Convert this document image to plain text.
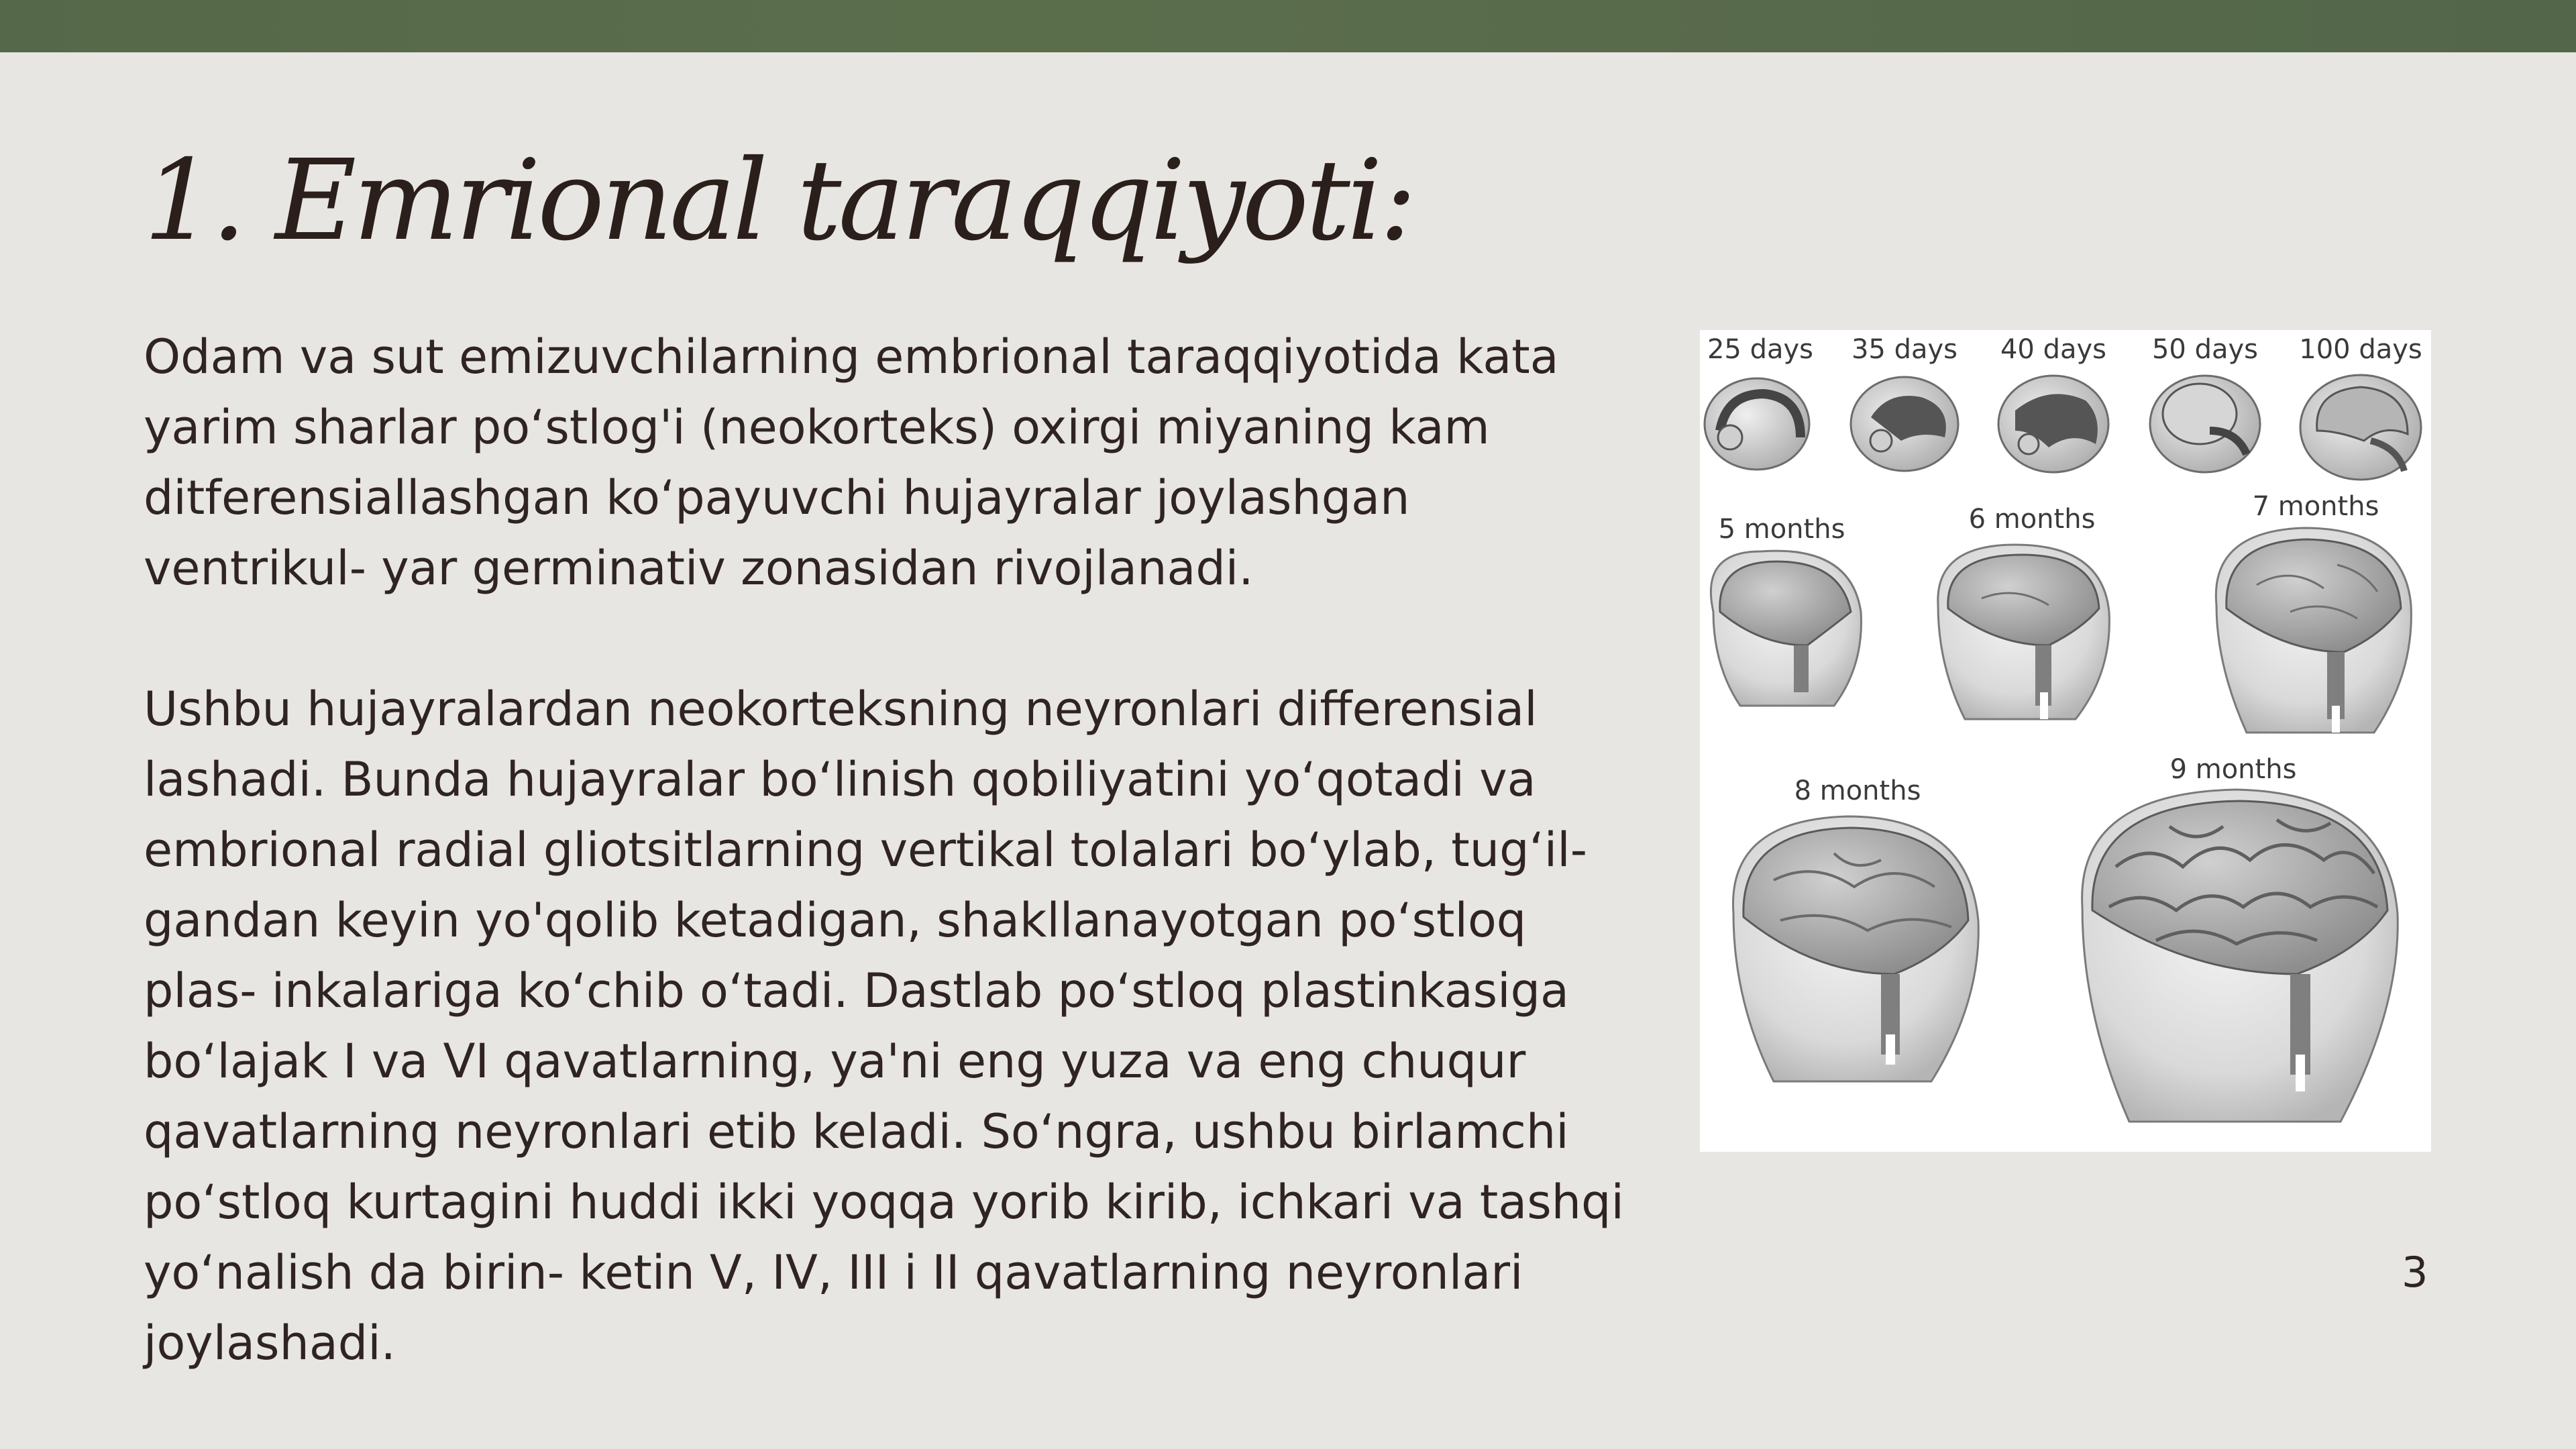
1. Emrional taraqqiyoti:

Odam va sut emizuvchilarning embrional taraqqiyotida kata

yarim sharlar poʻstlog'i (neokorteks) oxirgi miyaning kam

ditferensiallashgan koʻpayuvchi hujayralar joylashgan

ventrikul- yar germinativ zonasidan rivojlanadi.

Ushbu hujayralardan neokorteksning neyronlari differensial

lashadi. Bunda hujayralar boʻlinish qobiliyatini yoʻqotadi va

embrional radial gliotsitlarning vertikal tolalari boʻylab, tugʻil-

gandan keyin yo'qolib ketadigan, shakllanayotgan poʻstloq

plas- inkalariga koʻchib oʻtadi. Dastlab poʻstloq plastinkasiga

boʻlajak I va VI qavatlarning, ya'ni eng yuza va eng chuqur

qavatlarning neyronlari etib keladi. Soʻngra, ushbu birlamchi

poʻstloq kurtagini huddi ikki yoqqa yorib kirib, ichkari va tashqi

yoʻnalish da birin- ketin V, IV, III i II qavatlarning neyronlari

joylashadi.

25 days 35 days 40 days 50 days 100 days
5 months	6 months	7 months
8 months
9 months
3
